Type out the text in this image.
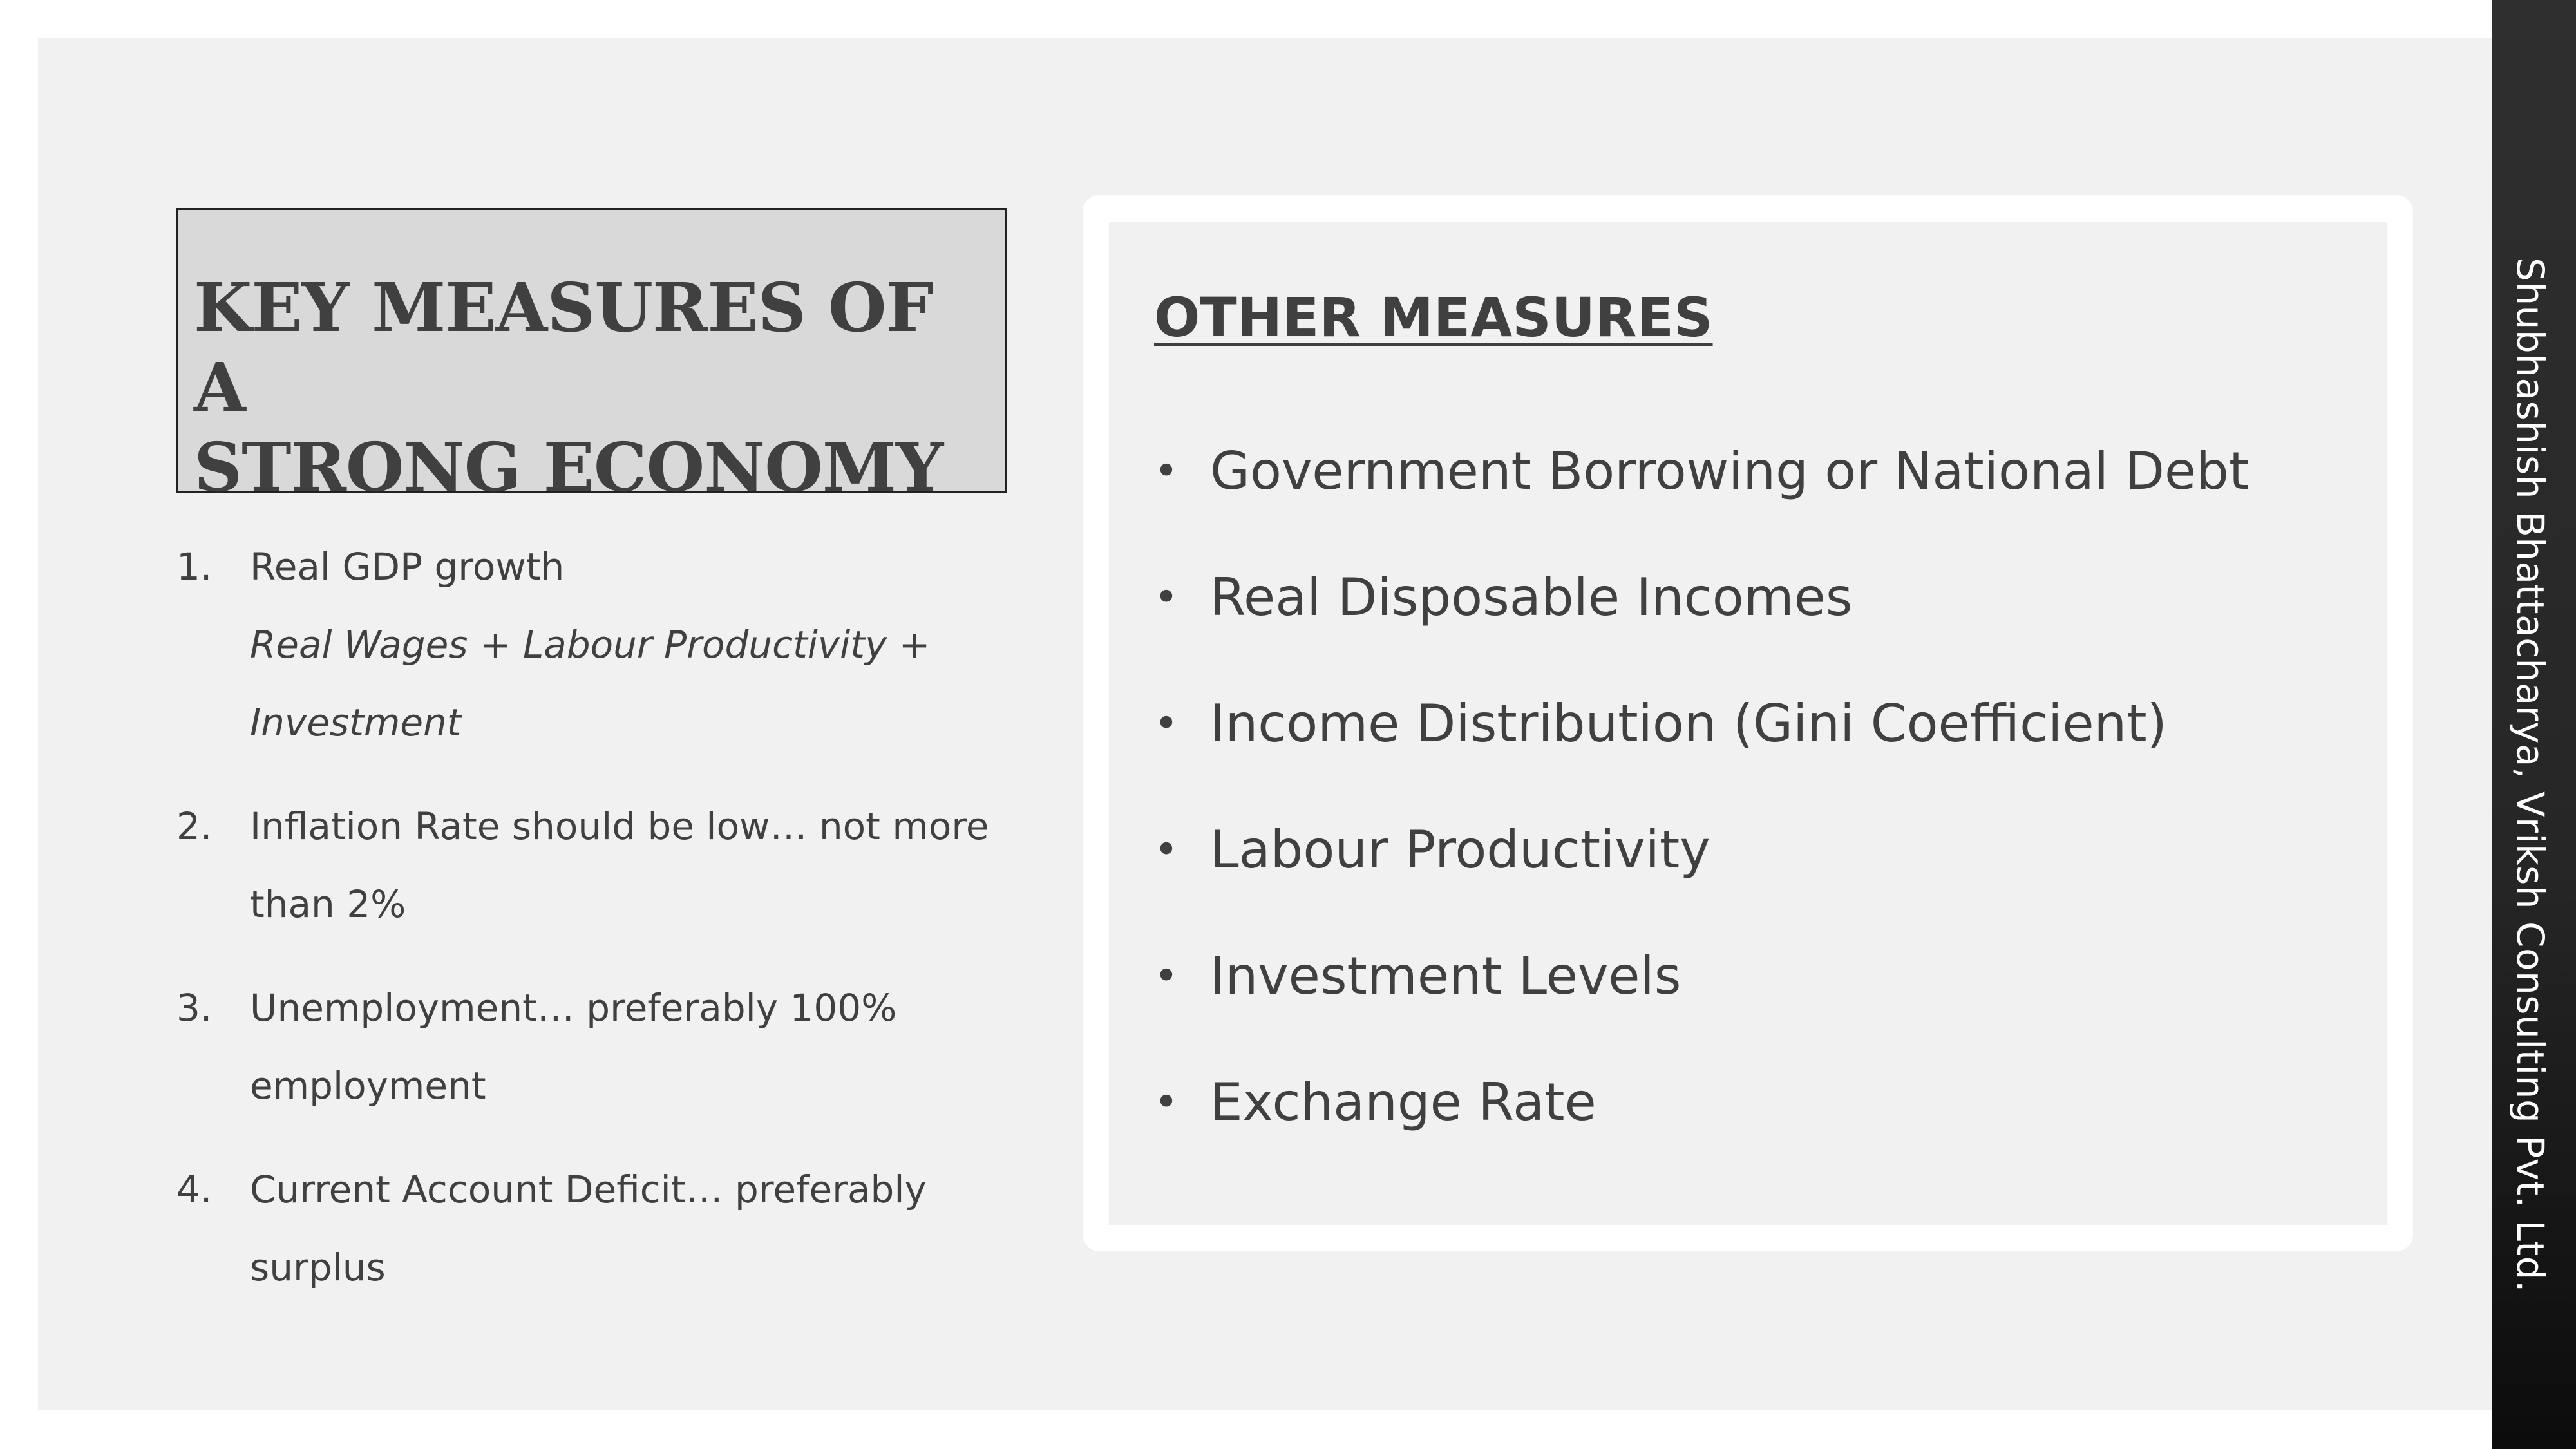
KEY MEASURES OF A
STRONG ECONOMY
1. Real GDP growth
Real Wages + Labour Productivity +
Investment
2. Inflation Rate should be low… not more
than 2%
3. Unemployment… preferably 100%
employment
4. Current Account Deficit… preferably
surplus
OTHER MEASURES
• Government Borrowing or National Debt
• Real Disposable Incomes
• Income Distribution (Gini Coefficient)
• Labour Productivity
• Investment Levels
• Exchange Rate	Shubhashish Bhattacharya, Vriksh Consulting Pvt. Ltd.
